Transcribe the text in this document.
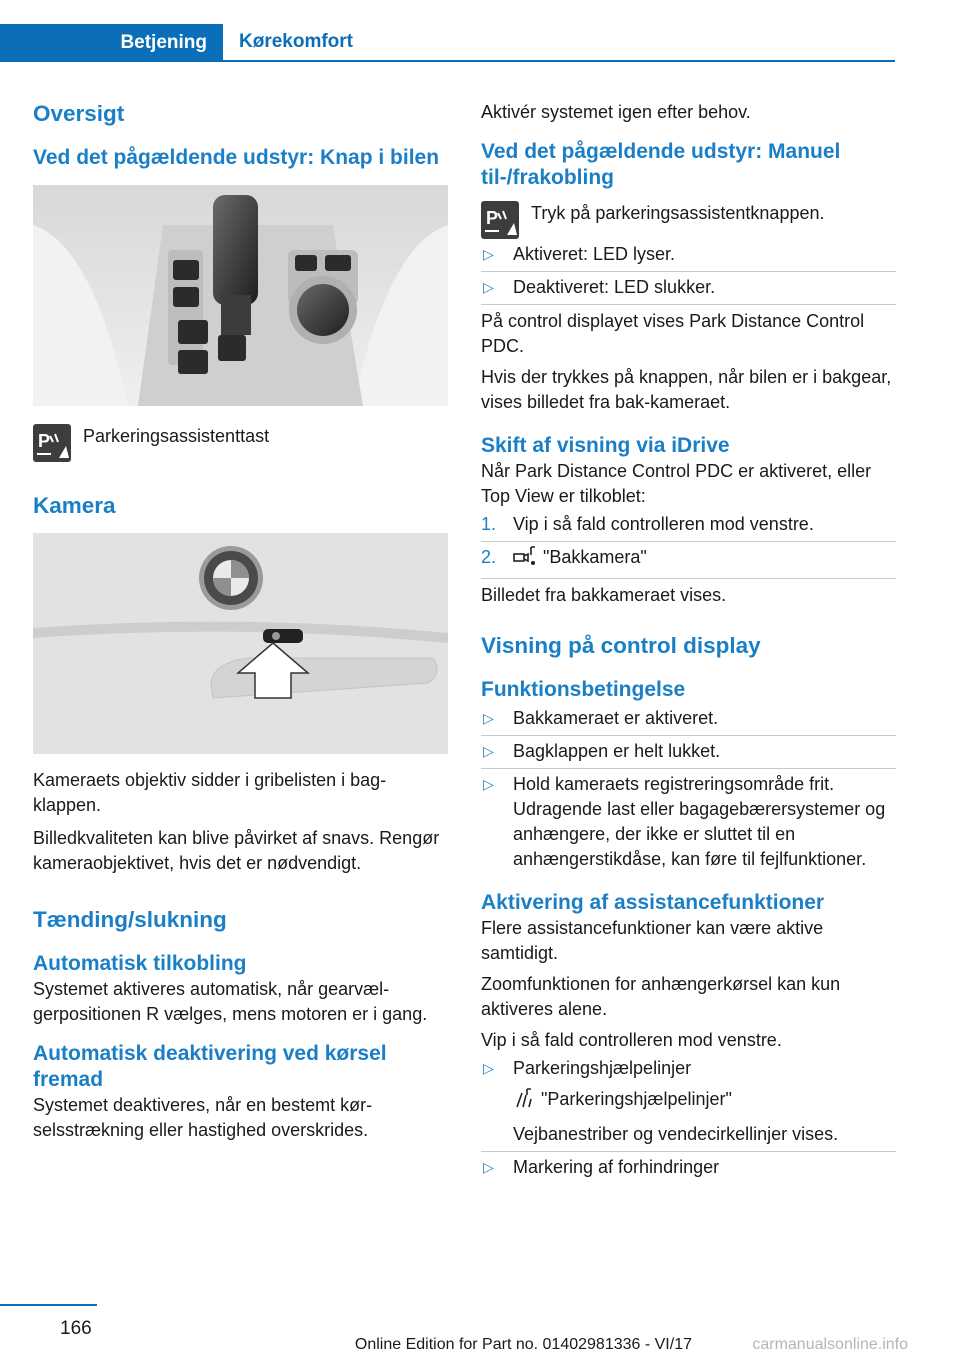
Betjening	Kørekomfort
Oversigt
Ved det pågældende udstyr: Knap i bilen
P Parkeringsassistenttast

Kamera

Kameraets objektiv sidder i gribelisten i bagklappen.

Billedkvaliteten kan blive påvirket af snavs. Rengør kameraobjektivet, hvis det er nødvendigt.

Tænding/slukning
Automatisk tilkobling

Systemet aktiveres automatisk, når gearvælgerpositionen R vælges, mens motoren er i gang.

Automatisk deaktivering ved kørsel fremad

Systemet deaktiveres, når en bestemt kørselsstrækning eller hastighed overskrides.

Aktivér systemet igen efter behov.

Ved det pågældende udstyr: Manuel til-/frakobling
P Tryk på parkeringsassistentknappen.

▷ Aktiveret: LED lyser.
▷ Deaktiveret: LED slukker.

På control displayet vises Park Distance Control PDC.

Hvis der trykkes på knappen, når bilen er i bakgear, vises billedet fra bak-kameraet.

Skift af visning via iDrive

Når Park Distance Control PDC er aktiveret, eller Top View er tilkoblet:

1. Vip i så fald controlleren mod venstre.
2.	"Bakkamera"

Billedet fra bakkameraet vises.

Visning på control display
Funktionsbetingelse
▷ Bakkameraet er aktiveret.
▷ Bagklappen er helt lukket.
▷ Hold kameraets registreringsområde frit. Udragende last eller bagagebærersystemer og anhængere, der ikke er sluttet til en anhængerstikdåse, kan føre til fejlfunktioner.
Aktivering af assistancefunktioner

Flere assistancefunktioner kan være aktive samtidigt.

Zoomfunktionen for anhængerkørsel kan kun aktiveres alene.

Vip i så fald controlleren mod venstre.

▷ Parkeringshjælpelinjer
"Parkeringshjælpelinjer"
Vejbanestriber og vendecirkellinjer vises.
▷ Markering af forhindringer
166
Online Edition for Part no. 01402981336 - VI/17	carmanualsonline.info
